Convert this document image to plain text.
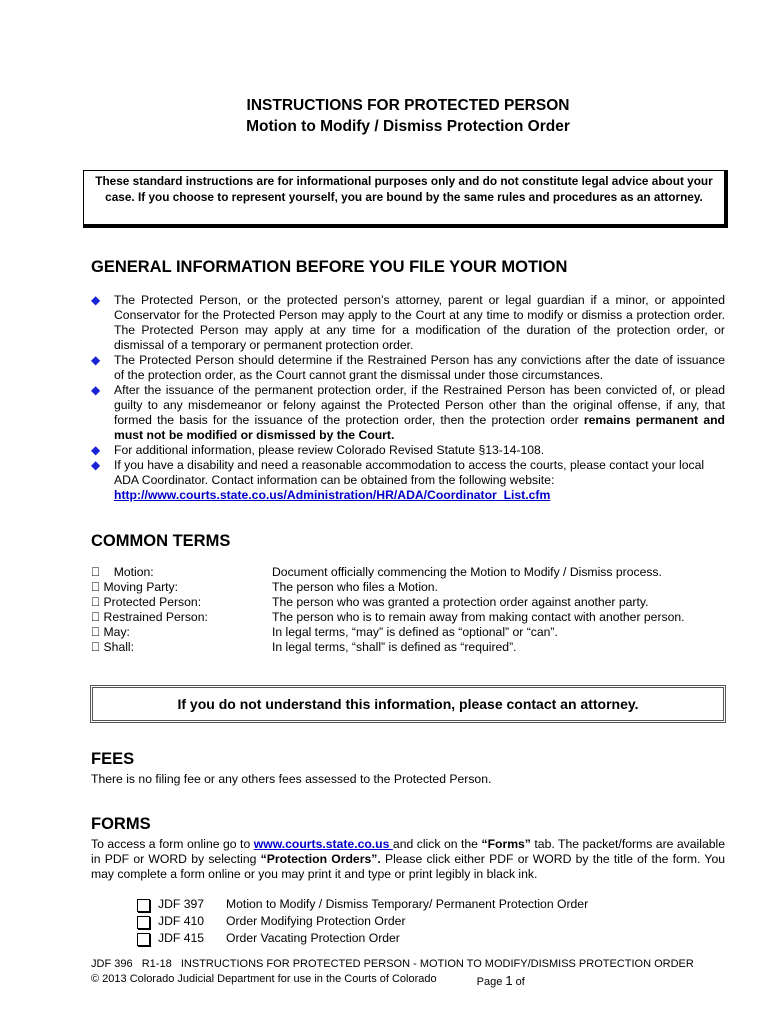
INSTRUCTIONS FOR PROTECTED PERSON
Motion to Modify / Dismiss Protection Order
These standard instructions are for informational purposes only and do not constitute legal advice about your case. If you choose to represent yourself, you are bound by the same rules and procedures as an attorney.
GENERAL INFORMATION BEFORE YOU FILE YOUR MOTION
◆	The Protected Person, or the protected person’s attorney, parent or legal guardian if a minor, or appointed Conservator for the Protected Person may apply to the Court at any time to modify or dismiss a protection order. The Protected Person may apply at any time for a modification of the duration of the protection order, or dismissal of a temporary or permanent protection order.
◆	The Protected Person should determine if the Restrained Person has any convictions after the date of issuance of the protection order, as the Court cannot grant the dismissal under those circumstances.
◆	After the issuance of the permanent protection order, if the Restrained Person has been convicted of, or plead guilty to any misdemeanor or felony against the Protected Person other than the original offense, if any, that formed the basis for the issuance of the protection order, then the protection order remains permanent and must not be modified or dismissed by the Court.
◆	For additional information, please review Colorado Revised Statute §13-14-108.
◆	If you have a disability and need a reasonable accommodation to access the courts, please contact your local ADA Coordinator. Contact information can be obtained from the following website:
http://www.courts.state.co.us/Administration/HR/ADA/Coordinator_List.cfm
COMMON TERMS
Motion:	Document officially commencing the Motion to Modify / Dismiss process.
Moving Party:	The person who files a Motion.
Protected Person:	The person who was granted a protection order against another party.
Restrained Person:	The person who is to remain away from making contact with another person.
May:	In legal terms, “may” is defined as “optional” or “can”.
Shall:	In legal terms, “shall” is defined as “required”.
If you do not understand this information, please contact an attorney.
FEES
There is no filing fee or any others fees assessed to the Protected Person.
FORMS
To access a form online go to www.courts.state.co.us and click on the “Forms” tab. The packet/forms are available in PDF or WORD by selecting “Protection Orders”. Please click either PDF or WORD by the title of the form. You may complete a form online or you may print it and type or print legibly in black ink.
JDF 397	Motion to Modify / Dismiss Temporary/ Permanent Protection Order
JDF 410	Order Modifying Protection Order
JDF 415	Order Vacating Protection Order
JDF 396   R1-18   INSTRUCTIONS FOR PROTECTED PERSON - MOTION TO MODIFY/DISMISS PROTECTION ORDER
© 2013 Colorado Judicial Department for use in the Courts of Colorado	Page 1 of
